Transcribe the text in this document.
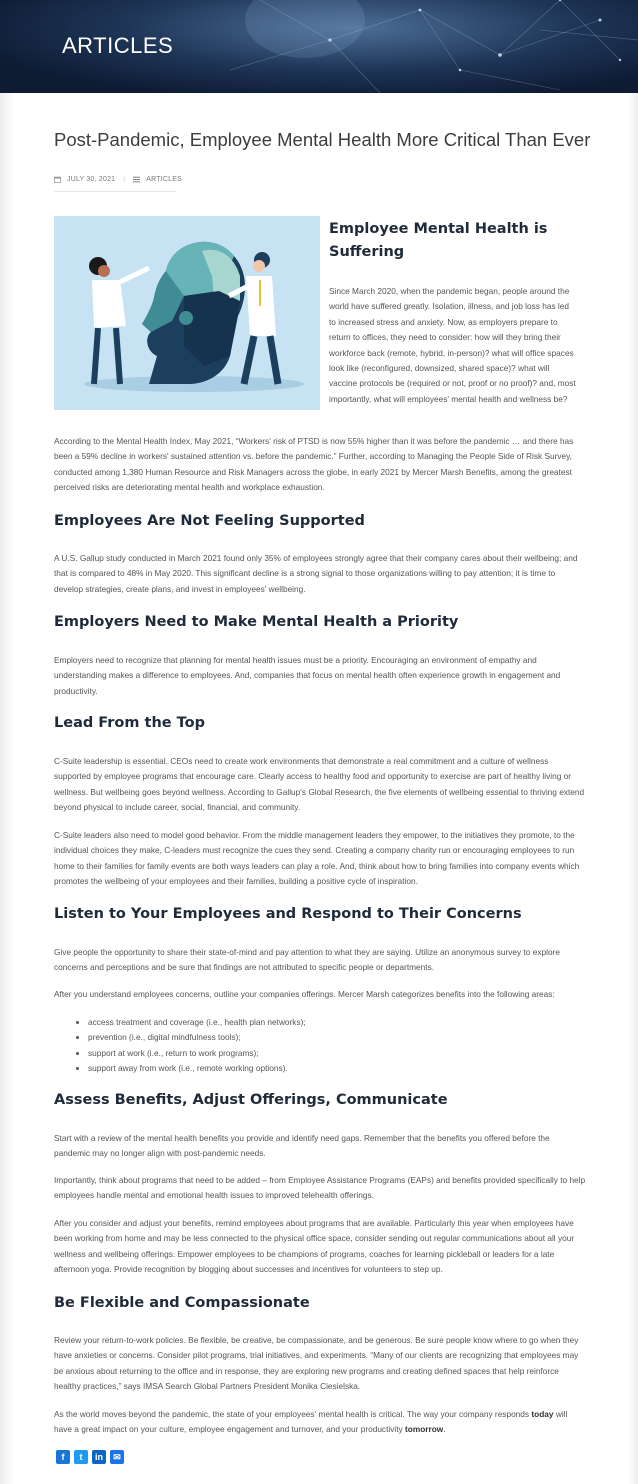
ARTICLES
Post-Pandemic, Employee Mental Health More Critical Than Ever
JULY 30, 2021 |	ARTICLES
Employee Mental Health is Suffering
Since March 2020, when the pandemic began, people around the world have suffered greatly. Isolation, illness, and job loss has led to increased stress and anxiety. Now, as employers prepare to return to offices, they need to consider: how will they bring their workforce back (remote, hybrid, in-person)? what will office spaces look like (reconfigured, downsized, shared space)? what will vaccine protocols be (required or not, proof or no proof)? and, most importantly, what will employees' mental health and wellness be?
According to the Mental Health Index, May 2021, “Workers' risk of PTSD is now 55% higher than it was before the pandemic … and there has been a 59% decline in workers' sustained attention vs. before the pandemic.” Further, according to Managing the People Side of Risk Survey, conducted among 1,380 Human Resource and Risk Managers across the globe, in early 2021 by Mercer Marsh Benefits, among the greatest perceived risks are deteriorating mental health and workplace exhaustion.
Employees Are Not Feeling Supported
A U.S. Gallup study conducted in March 2021 found only 35% of employees strongly agree that their company cares about their wellbeing; and that is compared to 48% in May 2020. This significant decline is a strong signal to those organizations willing to pay attention; it is time to develop strategies, create plans, and invest in employees' wellbeing.
Employers Need to Make Mental Health a Priority
Employers need to recognize that planning for mental health issues must be a priority. Encouraging an environment of empathy and understanding makes a difference to employees. And, companies that focus on mental health often experience growth in engagement and productivity.
Lead From the Top
C-Suite leadership is essential. CEOs need to create work environments that demonstrate a real commitment and a culture of wellness supported by employee programs that encourage care. Clearly access to healthy food and opportunity to exercise are part of healthy living or wellness. But wellbeing goes beyond wellness. According to Gallup's Global Research, the five elements of wellbeing essential to thriving extend beyond physical to include career, social, financial, and community.
C-Suite leaders also need to model good behavior. From the middle management leaders they empower, to the initiatives they promote, to the individual choices they make, C-leaders must recognize the cues they send. Creating a company charity run or encouraging employees to run home to their families for family events are both ways leaders can play a role. And, think about how to bring families into company events which promotes the wellbeing of your employees and their families, building a positive cycle of inspiration.
Listen to Your Employees and Respond to Their Concerns
Give people the opportunity to share their state-of-mind and pay attention to what they are saying. Utilize an anonymous survey to explore concerns and perceptions and be sure that findings are not attributed to specific people or departments.
After you understand employees concerns, outline your companies offerings. Mercer Marsh categorizes benefits into the following areas:
• access treatment and coverage (i.e., health plan networks);
• prevention (i.e., digital mindfulness tools);
• support at work (i.e., return to work programs);
• support away from work (i.e., remote working options).
Assess Benefits, Adjust Offerings, Communicate
Start with a review of the mental health benefits you provide and identify need gaps. Remember that the benefits you offered before the pandemic may no longer align with post-pandemic needs.
Importantly, think about programs that need to be added – from Employee Assistance Programs (EAPs) and benefits provided specifically to help employees handle mental and emotional health issues to improved telehealth offerings.
After you consider and adjust your benefits, remind employees about programs that are available. Particularly this year when employees have been working from home and may be less connected to the physical office space, consider sending out regular communications about all your wellness and wellbeing offerings. Empower employees to be champions of programs, coaches for learning pickleball or leaders for a late afternoon yoga. Provide recognition by blogging about successes and incentives for volunteers to step up.
Be Flexible and Compassionate
Review your return-to-work policies. Be flexible, be creative, be compassionate, and be generous. Be sure people know where to go when they have anxieties or concerns. Consider pilot programs, trial initiatives, and experiments. “Many of our clients are recognizing that employees may be anxious about returning to the office and in response, they are exploring new programs and creating defined spaces that help reinforce healthy practices,” says IMSA Search Global Partners President Monika Ciesielska.
As the world moves beyond the pandemic, the state of your employees' mental health is critical. The way your company responds today will have a great impact on your culture, employee engagement and turnover, and your productivity tomorrow.
f	t	in	✉
